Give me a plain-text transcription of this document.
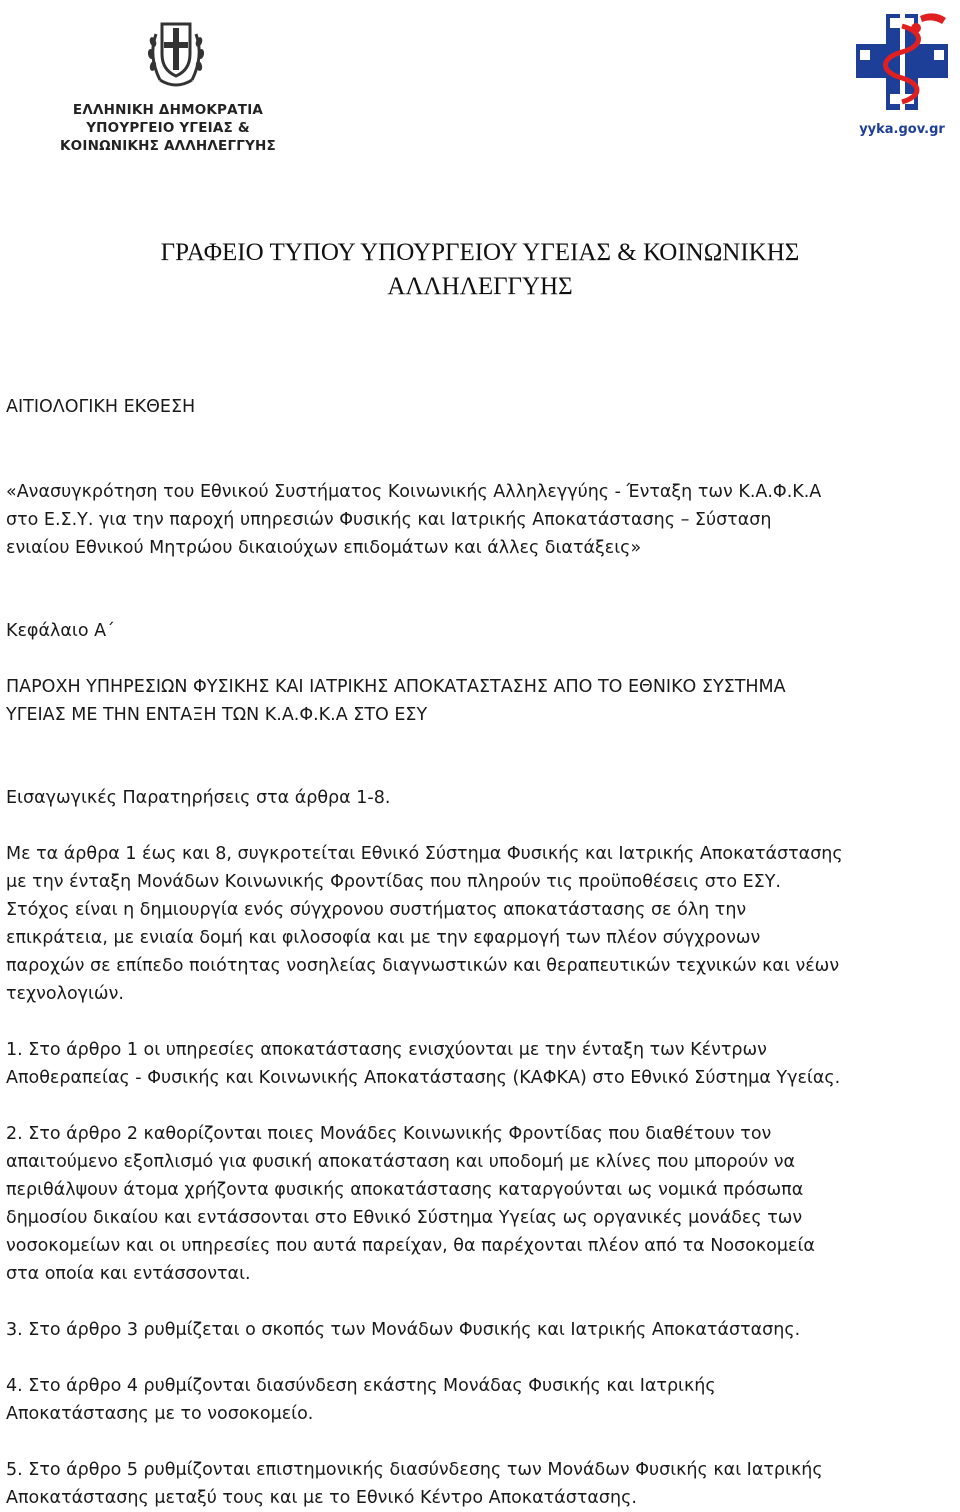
ΕΛΛΗΝΙΚΗ ΔΗΜΟΚΡΑΤΙΑ
ΥΠΟΥΡΓΕΙΟ ΥΓΕΙΑΣ &
ΚΟΙΝΩΝΙΚΗΣ ΑΛΛΗΛΕΓΓΥΗΣ
yyka.gov.gr
ΓΡΑΦΕΙΟ ΤΥΠΟΥ ΥΠΟΥΡΓΕΙΟΥ ΥΓΕΙΑΣ & ΚΟΙΝΩΝΙΚΗΣ
ΑΛΛΗΛΕΓΓΥΗΣ
ΑΙΤΙΟΛΟΓΙΚΗ ΕΚΘΕΣΗ
«Ανασυγκρότηση του Εθνικού Συστήματος Κοινωνικής Αλληλεγγύης - Ένταξη των Κ.Α.Φ.Κ.Α
στο Ε.Σ.Υ. για την παροχή υπηρεσιών Φυσικής και Ιατρικής Αποκατάστασης – Σύσταση
ενιαίου Εθνικού Μητρώου δικαιούχων επιδομάτων και άλλες διατάξεις»
Κεφάλαιο Α΄
ΠΑΡΟΧΗ ΥΠΗΡΕΣΙΩΝ ΦΥΣΙΚΗΣ ΚΑΙ ΙΑΤΡΙΚΗΣ ΑΠΟΚΑΤΑΣΤΑΣΗΣ ΑΠΟ ΤΟ ΕΘΝΙΚΟ ΣΥΣΤΗΜΑ
ΥΓΕΙΑΣ ΜΕ ΤΗΝ ΕΝΤΑΞΗ ΤΩΝ Κ.Α.Φ.Κ.Α ΣΤΟ ΕΣΥ
Εισαγωγικές Παρατηρήσεις στα άρθρα 1-8.
Με τα άρθρα 1 έως και 8, συγκροτείται Εθνικό Σύστημα Φυσικής και Ιατρικής Αποκατάστασης
με την ένταξη Μονάδων Κοινωνικής Φροντίδας που πληρούν τις προϋποθέσεις στο ΕΣΥ.
Στόχος είναι η δημιουργία ενός σύγχρονου συστήματος αποκατάστασης σε όλη την
επικράτεια, με ενιαία δομή και φιλοσοφία και με την εφαρμογή των πλέον σύγχρονων
παροχών σε επίπεδο ποιότητας νοσηλείας διαγνωστικών και θεραπευτικών τεχνικών και νέων
τεχνολογιών.
1. Στο άρθρο 1 οι υπηρεσίες αποκατάστασης ενισχύονται με την ένταξη των Κέντρων
Αποθεραπείας - Φυσικής και Κοινωνικής Αποκατάστασης (ΚΑΦΚΑ) στο Εθνικό Σύστημα Υγείας.
2. Στο άρθρο 2 καθορίζονται ποιες Μονάδες Κοινωνικής Φροντίδας που διαθέτουν τον
απαιτούμενο εξοπλισμό για φυσική αποκατάσταση και υποδομή με κλίνες που μπορούν να
περιθάλψουν άτομα χρήζοντα φυσικής αποκατάστασης καταργούνται ως νομικά πρόσωπα
δημοσίου δικαίου και εντάσσονται στο Εθνικό Σύστημα Υγείας ως οργανικές μονάδες των
νοσοκομείων και οι υπηρεσίες που αυτά παρείχαν, θα παρέχονται πλέον από τα Νοσοκομεία
στα οποία και εντάσσονται.
3. Στο άρθρο 3 ρυθμίζεται ο σκοπός των Μονάδων Φυσικής και Ιατρικής Αποκατάστασης.
4. Στο άρθρο 4 ρυθμίζονται διασύνδεση εκάστης Μονάδας Φυσικής και Ιατρικής
Αποκατάστασης με το νοσοκομείο.
5. Στο άρθρο 5 ρυθμίζονται επιστημονικής διασύνδεσης των Μονάδων Φυσικής και Ιατρικής
Αποκατάστασης μεταξύ τους και με το Εθνικό Κέντρο Αποκατάστασης.
